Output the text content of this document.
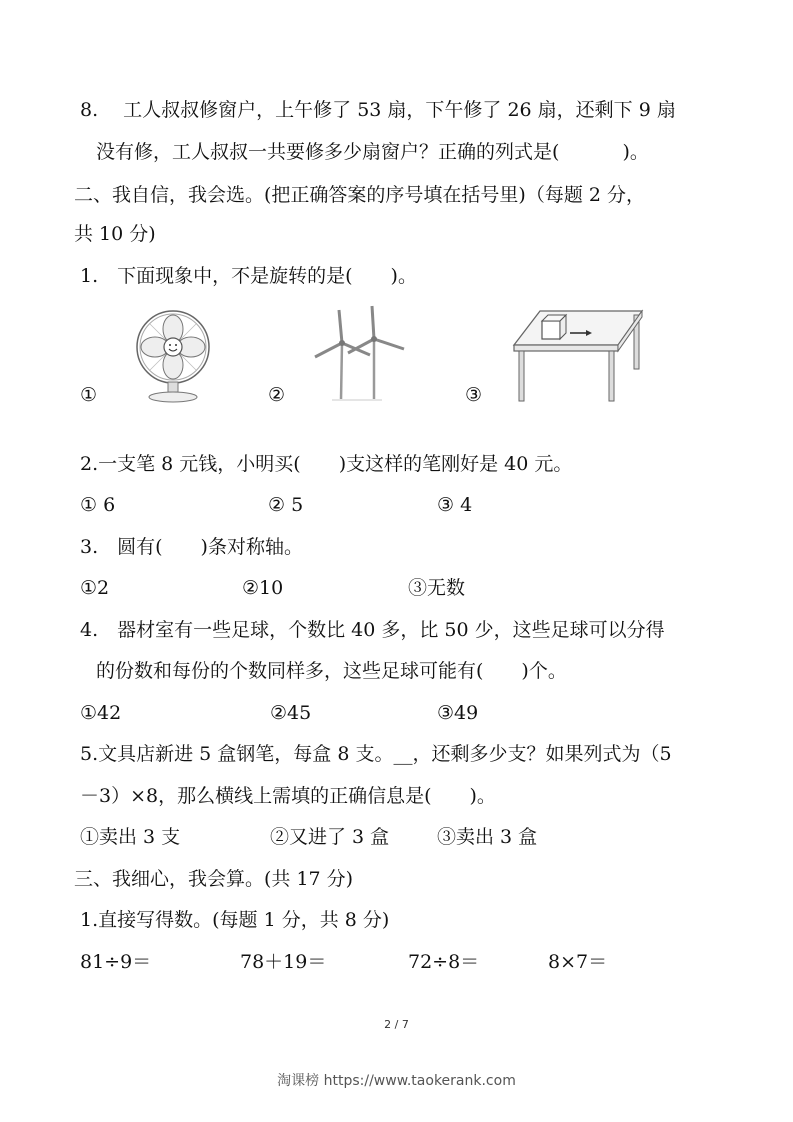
8.　 工人叔叔修窗户，上午修了 53 扇，下午修了 26 扇，还剩下 9 扇
没有修，工人叔叔一共要修多少扇窗户？正确的列式是(　　　 )。
二、我自信，我会选。(把正确答案的序号填在括号里)（每题 2 分，
共 10 分)
1.　下面现象中，不是旋转的是(　　)。
①	②	③
2.一支笔 8 元钱，小明买(　　)支这样的笔刚好是 40 元。
① 6	② 5	③ 4
3.　圆有(　　)条对称轴。
①2	②10	③无数
4.　器材室有一些足球，个数比 40 多，比 50 少，这些足球可以分得
的份数和每份的个数同样多，这些足球可能有(　　)个。
①42	②45	③49
5.文具店新进 5 盒钢笔，每盒 8 支。__，还剩多少支？如果列式为（5
－3）×8，那么横线上需填的正确信息是(　　)。
①卖出 3 支	②又进了 3 盒	③卖出 3 盒
三、我细心，我会算。(共 17 分)
1.直接写得数。(每题 1 分，共 8 分)
81÷9＝	78＋19＝	72÷8＝	8×7＝
2 / 7
淘课榜 https://www.taokerank.com
